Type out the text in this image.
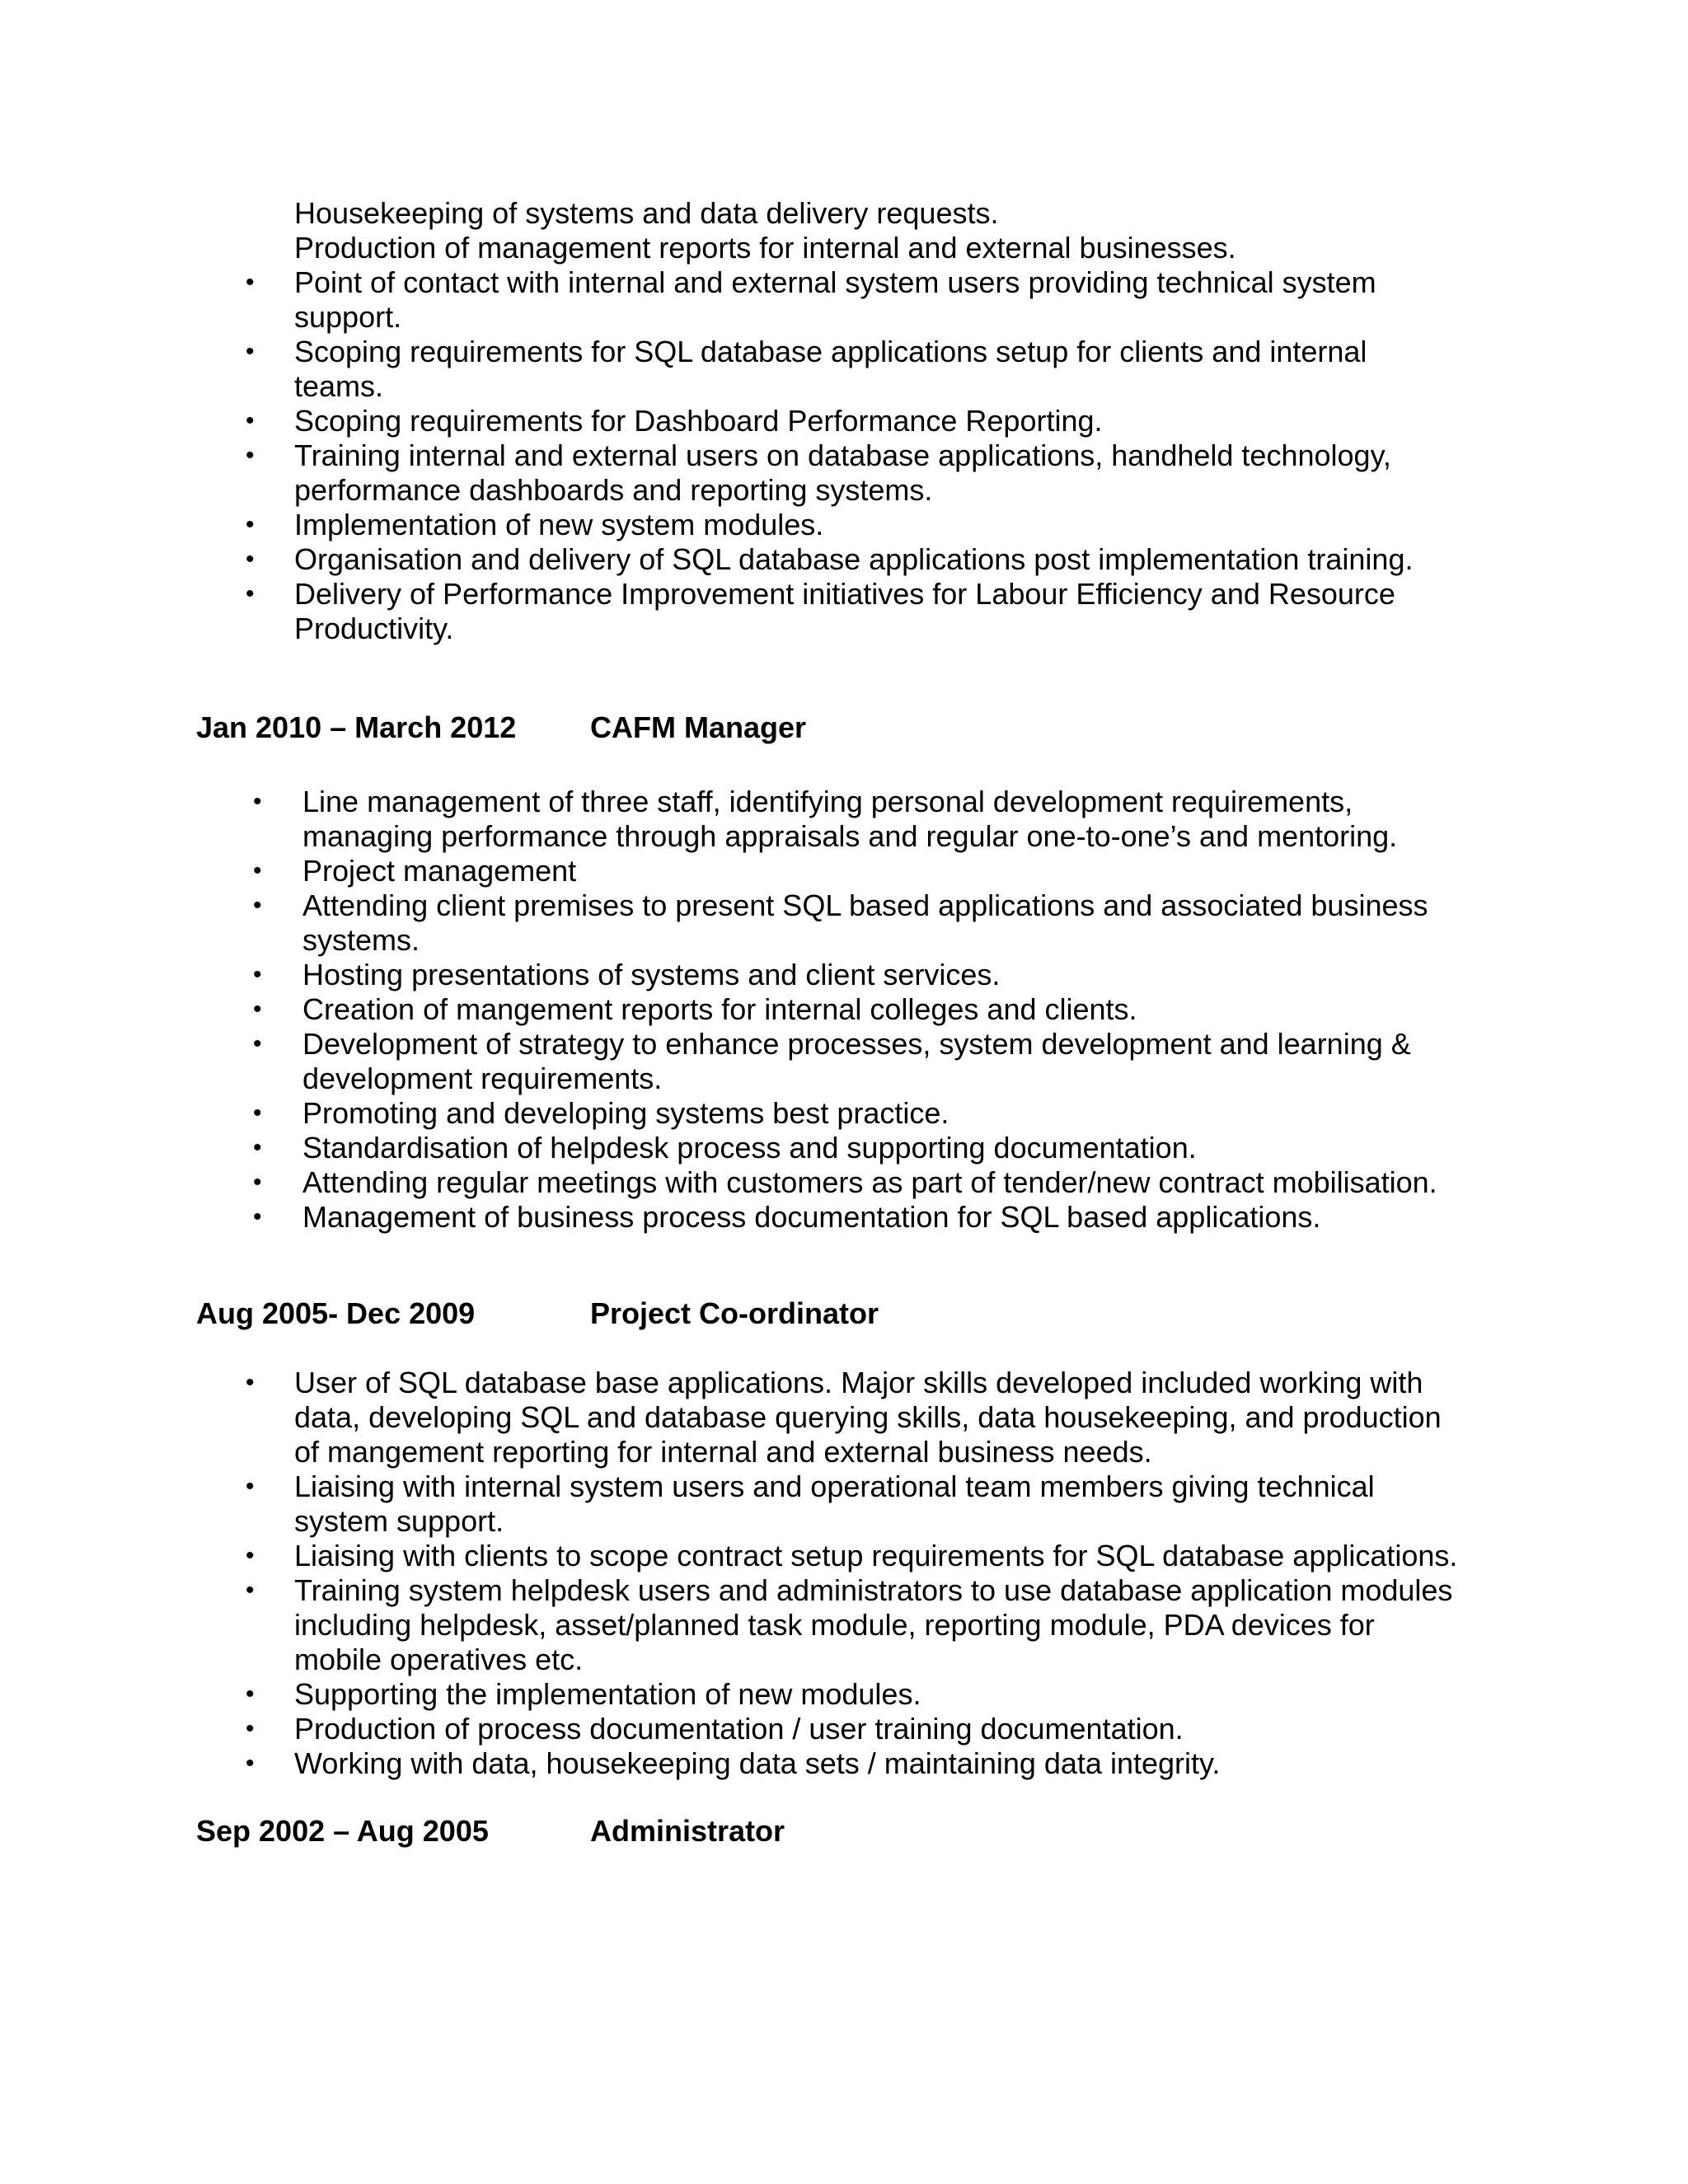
Housekeeping of systems and data delivery requests.
Production of management reports for internal and external businesses.
• Point of contact with internal and external system users providing technical system
support.
• Scoping requirements for SQL database applications setup for clients and internal
teams.
• Scoping requirements for Dashboard Performance Reporting.
• Training internal and external users on database applications, handheld technology,
performance dashboards and reporting systems.
• Implementation of new system modules.
• Organisation and delivery of SQL database applications post implementation training.
• Delivery of Performance Improvement initiatives for Labour Efficiency and Resource
Productivity.
Jan 2010 – March 2012 CAFM Manager
• Line management of three staff, identifying personal development requirements,
managing performance through appraisals and regular one-to-one’s and mentoring.
• Project management
• Attending client premises to present SQL based applications and associated business
systems.
• Hosting presentations of systems and client services.
• Creation of mangement reports for internal colleges and clients.
• Development of strategy to enhance processes, system development and learning &
development requirements.
• Promoting and developing systems best practice.
• Standardisation of helpdesk process and supporting documentation.
• Attending regular meetings with customers as part of tender/new contract mobilisation.
• Management of business process documentation for SQL based applications.
Aug 2005- Dec 2009	Project Co-ordinator
• User of SQL database base applications. Major skills developed included working with
data, developing SQL and database querying skills, data housekeeping, and production
of mangement reporting for internal and external business needs.
• Liaising with internal system users and operational team members giving technical
system support.
• Liaising with clients to scope contract setup requirements for SQL database applications.
• Training system helpdesk users and administrators to use database application modules
including helpdesk, asset/planned task module, reporting module, PDA devices for
mobile operatives etc.
• Supporting the implementation of new modules.
• Production of process documentation / user training documentation.
• Working with data, housekeeping data sets / maintaining data integrity.
Sep 2002 – Aug 2005	Administrator
